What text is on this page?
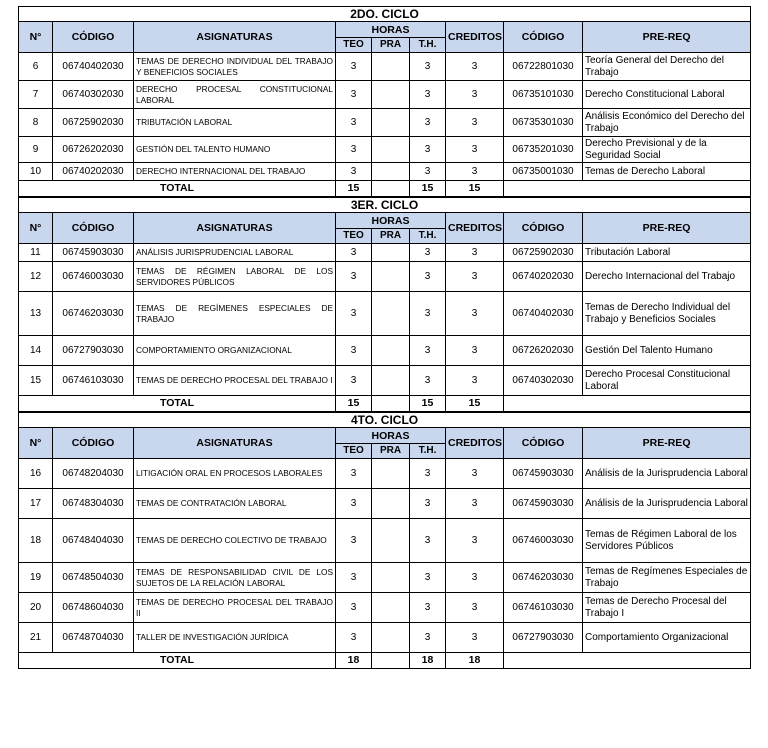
2DO. CICLO								
N°	CÓDIGO	ASIGNATURAS	HORAS			CREDITOS	CÓDIGO	PRE-REQ
			TEO	PRA	T.H.			
6	06740402030	TEMAS DE DERECHO INDIVIDUAL DEL TRABAJO Y BENEFICIOS SOCIALES	3		3	3	06722801030	Teoría General del Derecho del Trabajo
7	06740302030	DERECHO PROCESAL CONSTITUCIONAL LABORAL	3		3	3	06735101030	Derecho Constitucional Laboral
8	06725902030	TRIBUTACIÓN LABORAL	3		3	3	06735301030	Análisis Económico del Derecho del Trabajo
9	06726202030	GESTIÓN DEL TALENTO HUMANO	3		3	3	06735201030	Derecho Previsional y de la Seguridad Social
10	06740202030	DERECHO INTERNACIONAL DEL TRABAJO	3		3	3	06735001030	Temas de Derecho Laboral
TOTAL			15		15	15		
3ER. CICLO								
N°	CÓDIGO	ASIGNATURAS	HORAS			CREDITOS	CÓDIGO	PRE-REQ
			TEO	PRA	T.H.			
11	06745903030	ANÁLISIS JURISPRUDENCIAL LABORAL	3		3	3	06725902030	Tributación Laboral
12	06746003030	TEMAS DE RÉGIMEN LABORAL DE LOS SERVIDORES PÚBLICOS	3		3	3	06740202030	Derecho Internacional del Trabajo
13	06746203030	TEMAS DE REGÍMENES ESPECIALES DE TRABAJO	3		3	3	06740402030	Temas de Derecho Individual del Trabajo y Beneficios Sociales
14	06727903030	COMPORTAMIENTO ORGANIZACIONAL	3		3	3	06726202030	Gestión Del Talento Humano
15	06746103030	TEMAS DE DERECHO PROCESAL DEL TRABAJO I	3		3	3	06740302030	Derecho Procesal Constitucional Laboral
TOTAL			15		15	15		
4TO. CICLO								
N°	CÓDIGO	ASIGNATURAS	HORAS			CREDITOS	CÓDIGO	PRE-REQ
			TEO	PRA	T.H.			
16	06748204030	LITIGACIÓN ORAL EN PROCESOS LABORALES	3		3	3	06745903030	Análisis de la Jurisprudencia Laboral
17	06748304030	TEMAS DE CONTRATACIÓN LABORAL	3		3	3	06745903030	Análisis de la Jurisprudencia Laboral
18	06748404030	TEMAS DE DERECHO COLECTIVO DE TRABAJO	3		3	3	06746003030	Temas de Régimen Laboral de los Servidores Públicos
19	06748504030	TEMAS DE RESPONSABILIDAD CIVIL DE LOS SUJETOS DE LA RELACIÓN LABORAL	3		3	3	06746203030	Temas de Regímenes Especiales de Trabajo
20	06748604030	TEMAS DE DERECHO PROCESAL DEL TRABAJO II	3		3	3	06746103030	Temas de Derecho Procesal del Trabajo I
21	06748704030	TALLER DE INVESTIGACIÓN JURÍDICA	3		3	3	06727903030	Comportamiento Organizacional
TOTAL			18		18	18		
